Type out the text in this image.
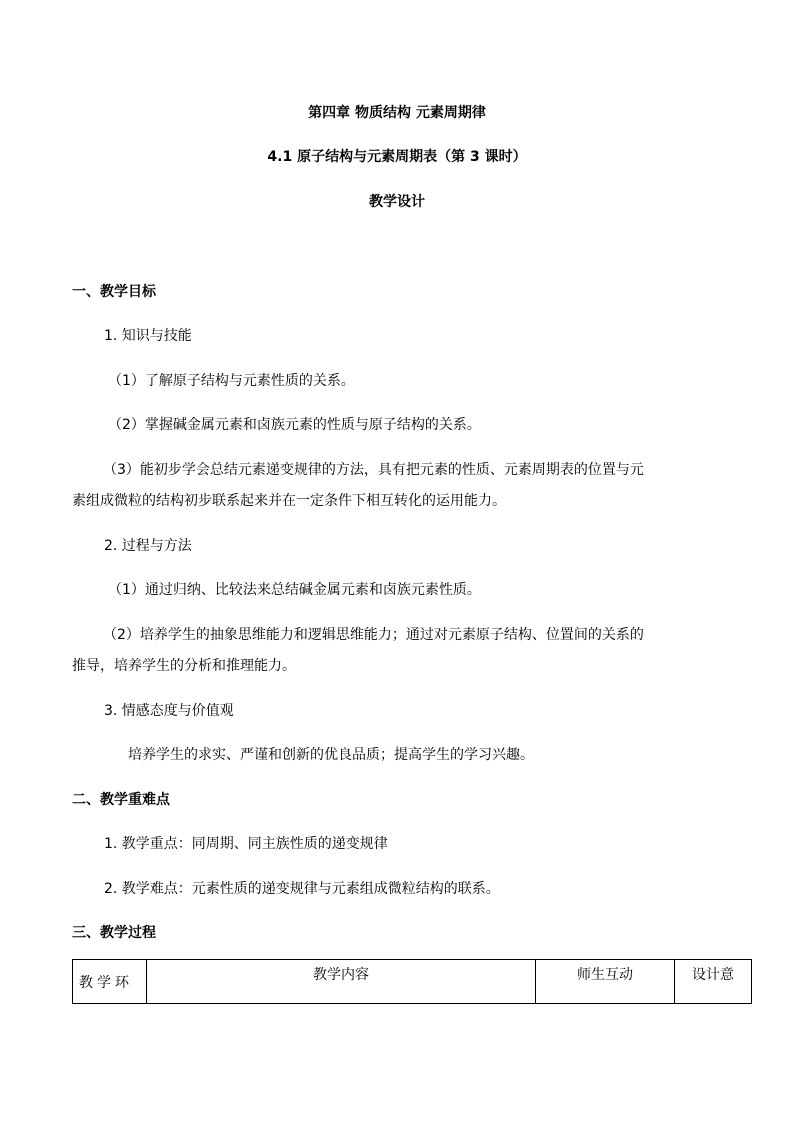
第四章 物质结构 元素周期律
4.1 原子结构与元素周期表（第 3 课时）
教学设计
一、教学目标
1. 知识与技能
（1）了解原子结构与元素性质的关系。
（2）掌握碱金属元素和卤族元素的性质与原子结构的关系。
（3）能初步学会总结元素递变规律的方法，具有把元素的性质、元素周期表的位置与元
素组成微粒的结构初步联系起来并在一定条件下相互转化的运用能力。
2. 过程与方法
（1）通过归纳、比较法来总结碱金属元素和卤族元素性质。
（2）培养学生的抽象思维能力和逻辑思维能力；通过对元素原子结构、位置间的关系的
推导，培养学生的分析和推理能力。
3. 情感态度与价值观
培养学生的求实、严谨和创新的优良品质；提高学生的学习兴趣。
二、教学重难点
1. 教学重点：同周期、同主族性质的递变规律
2. 教学难点：元素性质的递变规律与元素组成微粒结构的联系。
三、教学过程
教学环	教学内容	师生互动	设计意
